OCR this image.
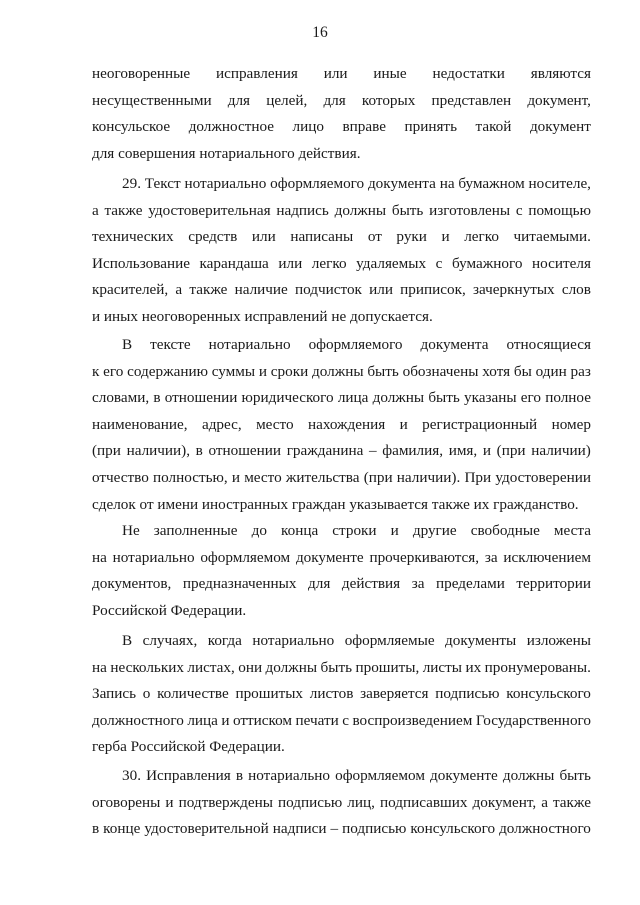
16
неоговоренные исправления или иные недостатки являются
несущественными для целей, для которых представлен документ,
консульское должностное лицо вправе принять такой документ
для совершения нотариального действия.
29. Текст нотариально оформляемого документа на бумажном носителе,
а также удостоверительная надпись должны быть изготовлены с помощью
технических средств или написаны от руки и легко читаемыми.
Использование карандаша или легко удаляемых с бумажного носителя
красителей, а также наличие подчисток или приписок, зачеркнутых слов
и иных неоговоренных исправлений не допускается.
В тексте нотариально оформляемого документа относящиеся
к его содержанию суммы и сроки должны быть обозначены хотя бы один раз
словами, в отношении юридического лица должны быть указаны его полное
наименование, адрес, место нахождения и регистрационный номер
(при наличии), в отношении гражданина – фамилия, имя, и (при наличии)
отчество полностью, и место жительства (при наличии). При удостоверении
сделок от имени иностранных граждан указывается также их гражданство.
Не заполненные до конца строки и другие свободные места
на нотариально оформляемом документе прочеркиваются, за исключением
документов, предназначенных для действия за пределами территории
Российской Федерации.
В случаях, когда нотариально оформляемые документы изложены
на нескольких листах, они должны быть прошиты, листы их пронумерованы.
Запись о количестве прошитых листов заверяется подписью консульского
должностного лица и оттиском печати с воспроизведением Государственного
герба Российской Федерации.
30. Исправления в нотариально оформляемом документе должны быть
оговорены и подтверждены подписью лиц, подписавших документ, а также
в конце удостоверительной надписи – подписью консульского должностного
